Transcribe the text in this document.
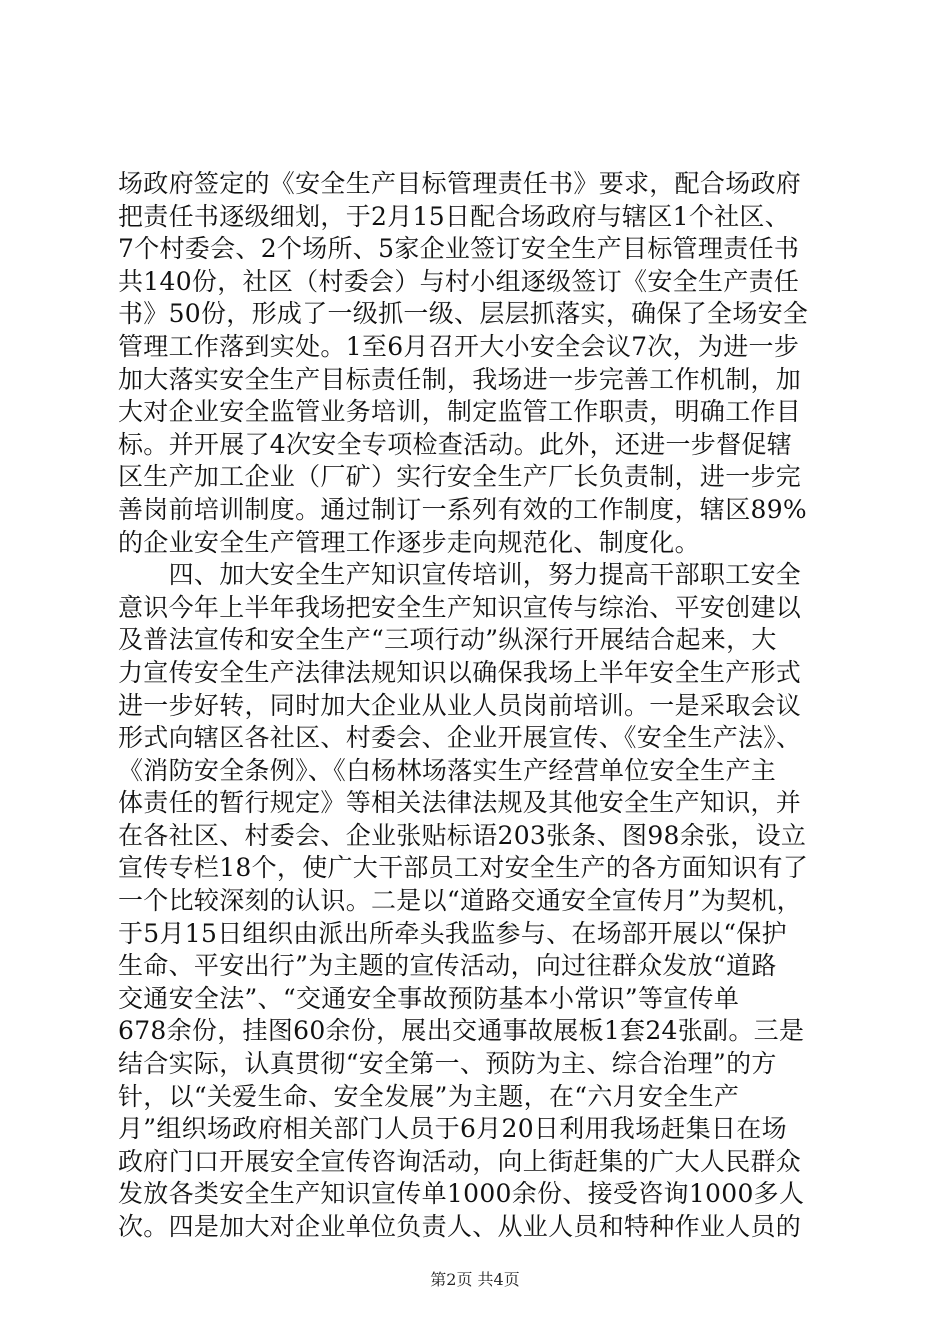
场政府签定的《安全生产目标管理责任书》要求，配合场政府
把责任书逐级细划，于2月15日配合场政府与辖区1个社区、
7个村委会、2个场所、5家企业签订安全生产目标管理责任书
共140份，社区（村委会）与村小组逐级签订《安全生产责任
书》50份，形成了一级抓一级、层层抓落实，确保了全场安全
管理工作落到实处。1至6月召开大小安全会议7次，为进一步
加大落实安全生产目标责任制，我场进一步完善工作机制，加
大对企业安全监管业务培训，制定监管工作职责，明确工作目
标。并开展了4次安全专项检查活动。此外，还进一步督促辖
区生产加工企业（厂矿）实行安全生产厂长负责制，进一步完
善岗前培训制度。通过制订一系列有效的工作制度，辖区89%
的企业安全生产管理工作逐步走向规范化、制度化。
　　四、加大安全生产知识宣传培训，努力提高干部职工安全
意识今年上半年我场把安全生产知识宣传与综治、平安创建以
及普法宣传和安全生产“三项行动”纵深行开展结合起来，大
力宣传安全生产法律法规知识以确保我场上半年安全生产形式
进一步好转，同时加大企业从业人员岗前培训。一是采取会议
形式向辖区各社区、村委会、企业开展宣传、《安全生产法》、
《消防安全条例》、《白杨林场落实生产经营单位安全生产主
体责任的暂行规定》等相关法律法规及其他安全生产知识，并
在各社区、村委会、企业张贴标语203张条、图98余张，设立
宣传专栏18个，使广大干部员工对安全生产的各方面知识有了
一个比较深刻的认识。二是以“道路交通安全宣传月”为契机，
于5月15日组织由派出所牵头我监参与、在场部开展以“保护
生命、平安出行”为主题的宣传活动，向过往群众发放“道路
交通安全法”、“交通安全事故预防基本小常识”等宣传单
678余份，挂图60余份，展出交通事故展板1套24张副。三是
结合实际，认真贯彻“安全第一、预防为主、综合治理”的方
针，以“关爱生命、安全发展”为主题，在“六月安全生产
月”组织场政府相关部门人员于6月20日利用我场赶集日在场
政府门口开展安全宣传咨询活动，向上街赶集的广大人民群众
发放各类安全生产知识宣传单1000余份、接受咨询1000多人
次。四是加大对企业单位负责人、从业人员和特种作业人员的
第2页 共4页
